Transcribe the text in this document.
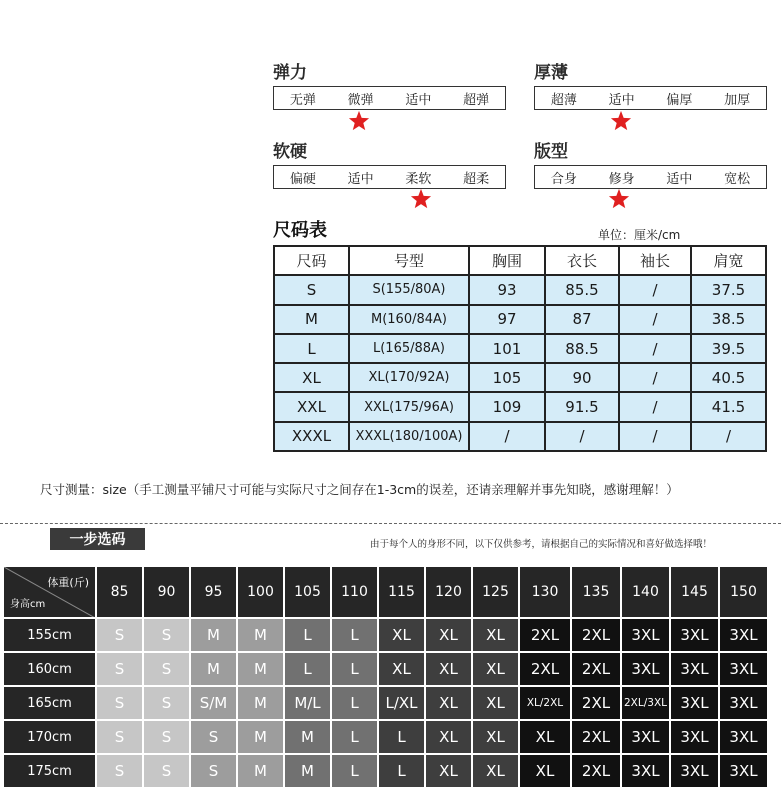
弹力
无弹 微弹 适中 超弹
厚薄
超薄 适中 偏厚 加厚
软硬
偏硬 适中 柔软 超柔
版型
合身 修身 适中 宽松
尺码表	单位：厘米/cm
尺码	号型	胸围	衣长	袖长	肩宽
S	S(155/80A)	93	85.5	/	37.5
M	M(160/84A)	97	87	/	38.5
L	L(165/88A)	101	88.5	/	39.5
XL	XL(170/92A)	105	90	/	40.5
XXL	XXL(175/96A)	109	91.5	/	41.5
XXXL	XXXL(180/100A)	/	/	/	/
尺寸测量：size（手工测量平铺尺寸可能与实际尺寸之间存在1-3cm的误差，还请亲理解并事先知晓，感谢理解！）
一步选码	由于每个人的身形不同，以下仅供参考，请根据自己的实际情况和喜好做选择哦！
体重(斤)
身高cm	85	90	95	100	105	110	115	120	125	130	135	140	145	150
155cm	S	S	M	M	L	L	XL	XL	XL	2XL	2XL	3XL	3XL	3XL
160cm	S	S	M	M	L	L	XL	XL	XL	2XL	2XL	3XL	3XL	3XL
165cm	S	S	S/M	M	M/L	L	L/XL	XL	XL	XL/2XL	2XL	2XL/3XL	3XL	3XL
170cm	S	S	S	M	M	L	L	XL	XL	XL	2XL	3XL	3XL	3XL
175cm	S	S	S	M	M	L	L	XL	XL	XL	2XL	3XL	3XL	3XL
